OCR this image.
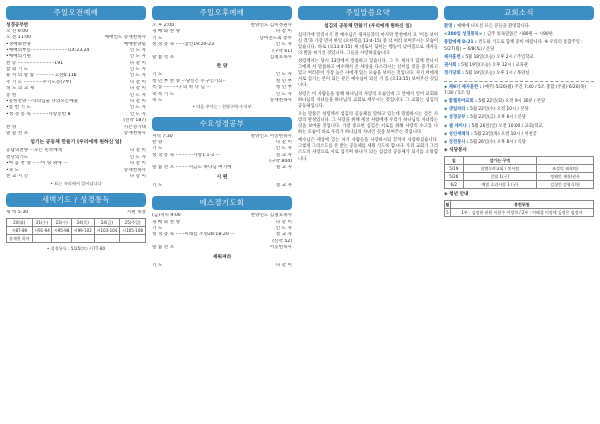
주일오전예배
성경공부반
오 전 9:00
오 전 11:00	예배인도 송재천목사
•경배와찬양	예배찬양팀
•예배의부름·························요4:23,24	인 도 자
•예배의기원	인 도 자
찬 송 ·························191	다 같 이
참 회 기 도	인 도 자
용 서 의 말 씀 ·············고전6:11b	인 도 자
주 기 도 ·············주기도문(7부)	다 같 이
성 도 의 교 제	다 같 이
봉 헌	인 도 자
•봉헌찬양 ···나의입술 나의모든예물	다 같 이
•봉 헌 기 도	인 도 자
•성 경 봉 독 ···········사랑봉헌 8	인 도 자
(신약 187)
찬 양	시온성가대
말 씀 선 포	송재천목사
섬기는 공동체 만들기 (우리에게 원하신 일)
응답의찬양 ···모든 민족에게	다 같 이
결단의기도	인 도 자
•마 음 찬 양 ······이 땅 위에 ···	다 같 이
•축 도	송재천목사
친 교 시 간	다 같 이
• 표는 자리에서 일어납니다
새벽기도 / 성경통독
새 벽 5:30	시편 묵상
20(화)	21(수)	23(수)	24(목)	24(금)	25(주일)
시87-89	시91-94	시95-98	시99-102	시103-104	시105-108
송재천 목사					
• 성경통독 : 5/25(토) 시77-80
주일오후예배
오 후 2:00	찬양인도 김미정권사
경 배 와 찬 양	다 같 이
기 도	남여전도회 총무
성 경 봉 독 ······잠언19:20-23	인 도 자
(구약 61)
말 씀 선 포	김철호목사
찬 양
기 도	인 도 자
청 년 부 찬 양 ···당신은 누구인가요··	청 년 부
특 송 ·········나 의 하 나 님 ···	청 년 부
축 복 기 도	인 도 자
축 도	송재천목사
• 마음 주가는 : 헌영구역·수석부
수요성경공부
저녁 7:30	찬양인도 이동헌목사
찬 양	다 같 이
기 도	인 도 자
성 경 봉 독 ············사랑1:1-3 ···	설 교 자
(구약 804)
말 씀 선 포 ·········지금도 하나님 여기에	설 교 자
시 편
기 도	설 교 자
에스겔기도회
(금)저녁 9:00	찬양인도 김철호목사
경 배 와 찬 양	다 같 이
기 도	인 도 자
성 경 봉 독 ······미래를 소명28:18-20 ···	설 교 자
(신약 52)
말 씀 선 포	이동헌목사
세워져라
기 도	다 같 이
주일말씀요약
섬김의 공동체 만들기 (우리에게 원하신 일)

십자가에 달리시기 전 예수님은 제자들과의 마지막 만찬에서 요 '이를 보이신 것'과 가장 먼저 한일 (요한복음 13:4-15) 중 더 여러 보여주시는 모습이 있습니다. 바로 (요13:4-15) 제 대로서 닦이는 행동이 낮아짐으로 제자들의 발을 씻기신 것입니다. 그들을 사랑하셨습니다.

성령께서는 당시 13장에서 말씀하고 있습니다. 그 두 제자가 함께 만나서 그에게 서 말씀하고 예수께서 온 세상을 다스리시는 신이심 것을 증거하고 있고 여러분이 가장 늦은 자에게 있는 모습을 보이는 것입니다. 자기 어에게 서로 섬기는 본이 되는 분은 예수님이 되신 거 를 (요13:15) 보여주신 것입니다.

성령은 이 사람들을 통해 하나님의 사랑의 모습인데 그 안에서 일어 교회와 하나님의 자녀들을 하나님의 교회로 세우시는 것입니다. 그 교회는 섬김의 공동체입니다.

오늘 말씀은 성령께서 섬김의 공동체를 말하고 있는데 말씀하시는 것은 사랑의 완성입니다. 그 사랑을 위해 세상 사람에게 우리가 하나님의 자녀라는 것을 보여줄 것입니다. 가장 중요한 섬김은 서로를 위해 사랑의 수고를 다 하는 모습이 바로 우리가 하나님의 자녀인 것을 보여주는 것입니다.

예수님은 세상에 있는 자기 사람들을 사랑하시되 끝까지 사랑하셨습니다. 그렇게 그리스도를 본 받는 공동체를 세워 가도록 합시다. 우리 교회가 그리스도의 사랑으로 서로 섬기며 하나가 되는 섬김의 공동체가 되기를 소망합니다.

교회소식
환영 : 예배에 나오신 모든 분들을 환영합니다.
<300일 성경통독> : 금주 통독말씀은 시80편 ~ 시90편
통합예배 D-21 : 전도와 기도로 함께 준비 바랍니다. ※ 우리의 통합주일 : 5/27(월) ~ 6/8(토) / 온당
제자훈련 : 5월 18일(오늘) 오후 2시 / 주일학교
권사회 : 5월 19일(오늘) 오후 12시 / 교육관
정기당회 : 5월 19일(오늘) 오후 1시 / 목양실
◈ 제9기 제자훈련 : (매주) 5/20(월) 주간 7:40 / 5조 총합 (주중) 6/20(목) 7:30 / 5조 팀
◈ 할렐루야교회 : 5월 22일(화) 오전 9시 30분 / 본당
◈ 생일파티 : 5월 22일(수) 오전 10시 / 본당
◈ 성경공부 : 5월 23일(금) 오후 8시 / 본당
◈ 셀 세미나 : 5월 26일(일) 오전 10:00 / 교회/학교
◈ 성인세례식 : 5월 23일(목) 오전 10시 / 이천궁
◈ 성전봉사 : 5월 26일(수) 오후 8시 / 식당
◈ 식당봉사
일	섬기는 구역	
5/19	할렐루야교회 / 봉사팀	조성덕 제직/팀
5/26	갈릴 1(구)	정해민 제직/권사
6/2	예열 효과사람 1 (구)	김청민 강광식/원
◈ 청년 안내
월	봉헌위원
5	1부 : 김정현 권원 이현주 이정희 / 2부 : 이혜경 이정애 김정은 임정자
